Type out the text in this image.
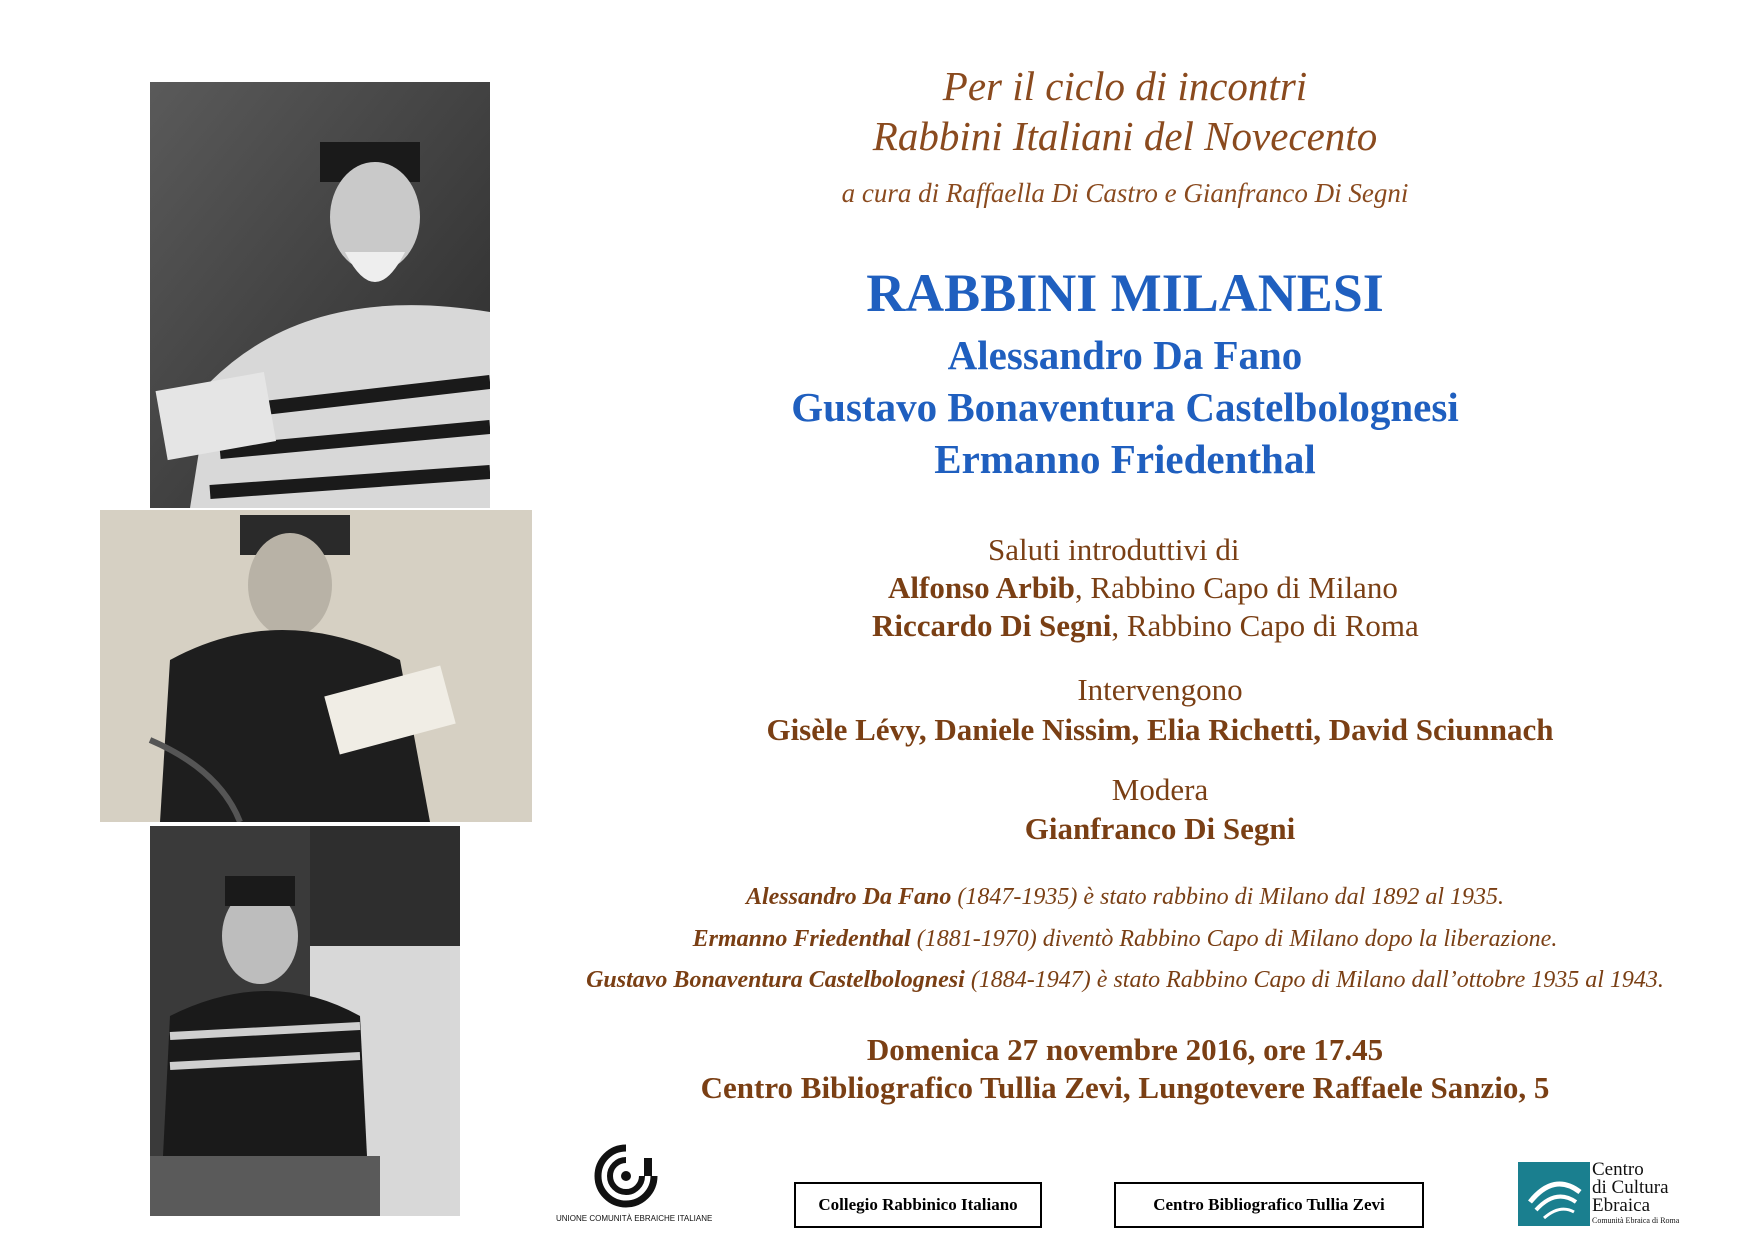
Per il ciclo di incontri
Rabbini Italiani del Novecento
a cura di Raffaella Di Castro e Gianfranco Di Segni
RABBINI MILANESI
Alessandro Da Fano
Gustavo Bonaventura Castelbolognesi
Ermanno Friedenthal
Saluti introduttivi di
Alfonso Arbib, Rabbino Capo di Milano
Riccardo Di Segni, Rabbino Capo di Roma
Intervengono
Gisèle Lévy, Daniele Nissim, Elia Richetti, David Sciunnach
Modera
Gianfranco Di Segni
Alessandro Da Fano (1847-1935) è stato rabbino di Milano dal 1892 al 1935.
Ermanno Friedenthal (1881-1970) diventò Rabbino Capo di Milano dopo la liberazione.
Gustavo Bonaventura Castelbolognesi (1884-1947) è stato Rabbino Capo di Milano dall’ottobre 1935 al 1943.
Domenica 27 novembre 2016, ore 17.45
Centro Bibliografico Tullia Zevi, Lungotevere Raffaele Sanzio, 5
UNIONE COMUNITÀ EBRAICHE ITALIANE
Collegio Rabbinico Italiano	Centro Bibliografico Tullia Zevi
Centro
di Cultura
Ebraica
Comunità Ebraica di Roma
